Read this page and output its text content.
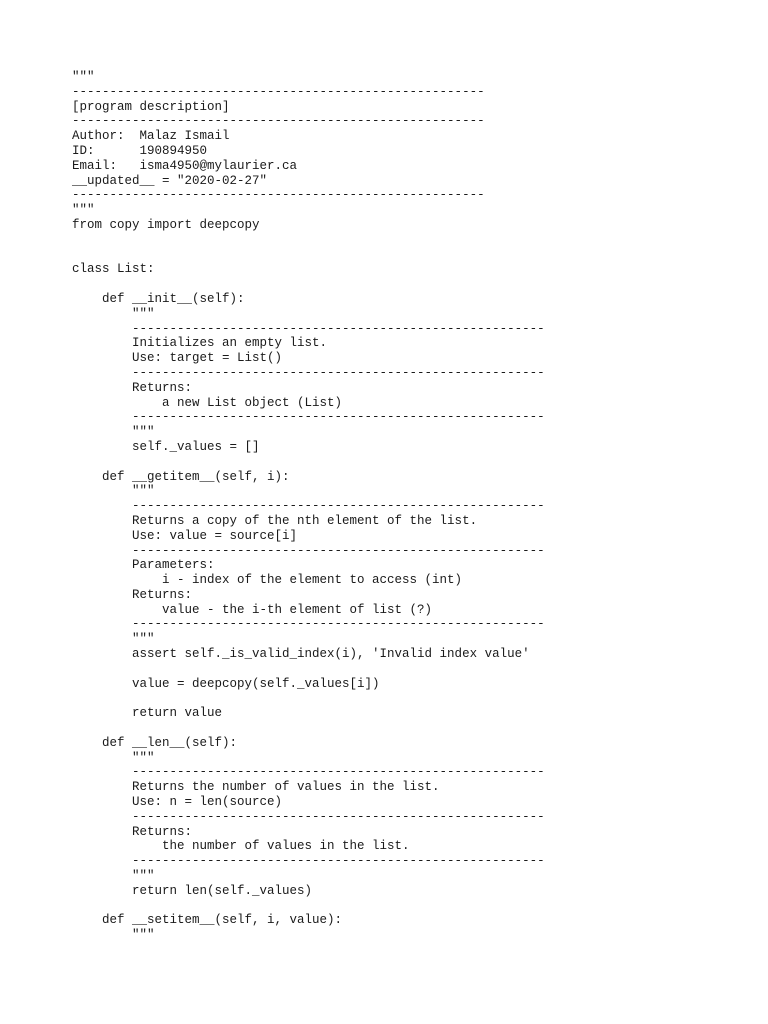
"""
-------------------------------------------------------
[program description]
-------------------------------------------------------
Author:  Malaz Ismail
ID:      190894950
Email:   isma4950@mylaurier.ca
__updated__ = "2020-02-27"
-------------------------------------------------------
"""
from copy import deepcopy
class List:
def __init__(self):
"""
-------------------------------------------------------
Initializes an empty list.
Use: target = List()
-------------------------------------------------------
Returns:
a new List object (List)
-------------------------------------------------------
"""
self._values = []
def __getitem__(self, i):
"""
-------------------------------------------------------
Returns a copy of the nth element of the list.
Use: value = source[i]
-------------------------------------------------------
Parameters:
i - index of the element to access (int)
Returns:
value - the i-th element of list (?)
-------------------------------------------------------
"""
assert self._is_valid_index(i), 'Invalid index value'
value = deepcopy(self._values[i])
return value
def __len__(self):
"""
-------------------------------------------------------
Returns the number of values in the list.
Use: n = len(source)
-------------------------------------------------------
Returns:
the number of values in the list.
-------------------------------------------------------
"""
return len(self._values)
def __setitem__(self, i, value):
"""
